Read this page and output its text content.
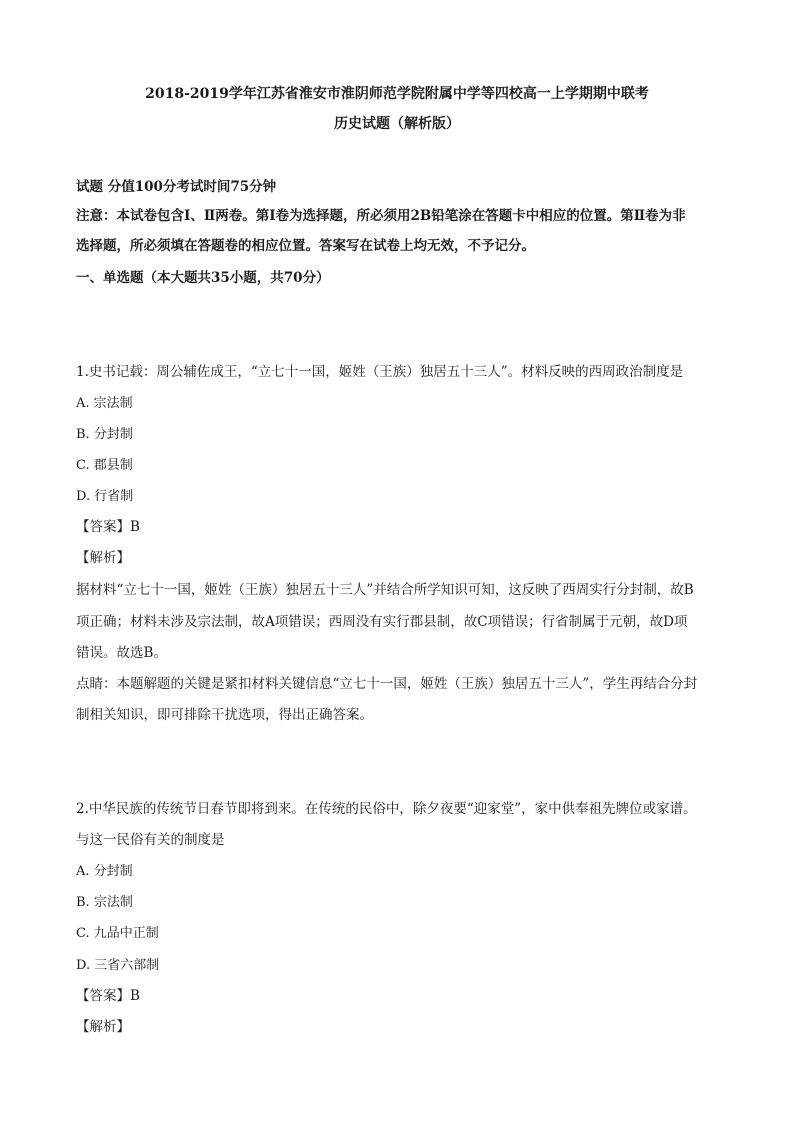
2018-2019学年江苏省淮安市淮阴师范学院附属中学等四校高一上学期期中联考
历史试题（解析版）
试题 分值100分考试时间75分钟
注意：本试卷包含Ⅰ、Ⅱ两卷。第Ⅰ卷为选择题，所必须用2B铅笔涂在答题卡中相应的位置。第Ⅱ卷为非
选择题，所必须填在答题卷的相应位置。答案写在试卷上均无效，不予记分。
一、单选题（本大题共35小题，共70分）
1.史书记载：周公辅佐成王，“立七十一国，姬姓（王族）独居五十三人”。材料反映的西周政治制度是
A. 宗法制
B. 分封制
C. 郡县制
D. 行省制
【答案】B
【解析】
据材料“立七十一国，姬姓（王族）独居五十三人”并结合所学知识可知，这反映了西周实行分封制，故B
项正确；材料未涉及宗法制，故A项错误；西周没有实行郡县制，故C项错误；行省制属于元朝，故D项
错误。故选B。
点睛：本题解题的关键是紧扣材料关键信息“立七十一国，姬姓（王族）独居五十三人”，学生再结合分封
制相关知识，即可排除干扰选项，得出正确答案。
2.中华民族的传统节日春节即将到来。在传统的民俗中，除夕夜要“迎家堂”，家中供奉祖先牌位或家谱。
与这一民俗有关的制度是
A. 分封制
B. 宗法制
C. 九品中正制
D. 三省六部制
【答案】B
【解析】
